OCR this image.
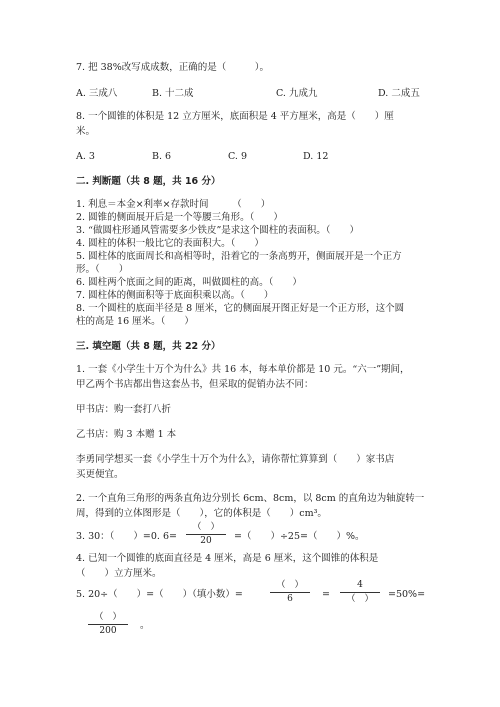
7. 把 38%改写成成数，正确的是（　　　）。
A. 三成八	B. 十二成	C. 九成九	D. 二成五
8. 一个圆锥的体积是 12 立方厘米，底面积是 4 平方厘米，高是（　　）厘
米。
A. 3	B. 6	C. 9	D. 12
二. 判断题（共 8 题，共 16 分）
1. 利息＝本金×利率×存款时间　　　（　　）
2. 圆锥的侧面展开后是一个等腰三角形。（　　）
3. “做圆柱形通风管需要多少铁皮”是求这个圆柱的表面积。（　　）
4. 圆柱的体积一般比它的表面积大。（　　）
5. 圆柱体的底面周长和高相等时，沿着它的一条高剪开，侧面展开是一个正方
形。（　　）
6. 圆柱两个底面之间的距离，叫做圆柱的高。（　　）
7. 圆柱体的侧面积等于底面积乘以高。（　　）
8. 一个圆柱的底面半径是 8 厘米，它的侧面展开图正好是一个正方形，这个圆
柱的高是 16 厘米。（　　）
三. 填空题（共 8 题，共 22 分）
1. 一套《小学生十万个为什么》共 16 本，每本单价都是 10 元。“六一”期间，
甲乙两个书店都出售这套丛书，但采取的促销办法不同：
甲书店：购一套打八折
乙书店：购 3 本赠 1 本
李勇同学想买一套《小学生十万个为什么》，请你帮忙算算到（　　）家书店
买更便宜。
2. 一个直角三角形的两条直角边分别长 6cm、8cm，以 8cm 的直角边为轴旋转一
周，得到的立体图形是（　　），它的体积是（　　）cm³。
3. 30：（　　）=0. 6=
（　）
20	=（　　）÷25=（　　）%。
4. 已知一个圆锥的底面直径是 4 厘米，高是 6 厘米，这个圆锥的体积是
（　　）立方厘米。
5. 20÷（　　）=（　　）（填小数）=
（　）
6	=
4
（　）	=50%=
（　）
200	。
